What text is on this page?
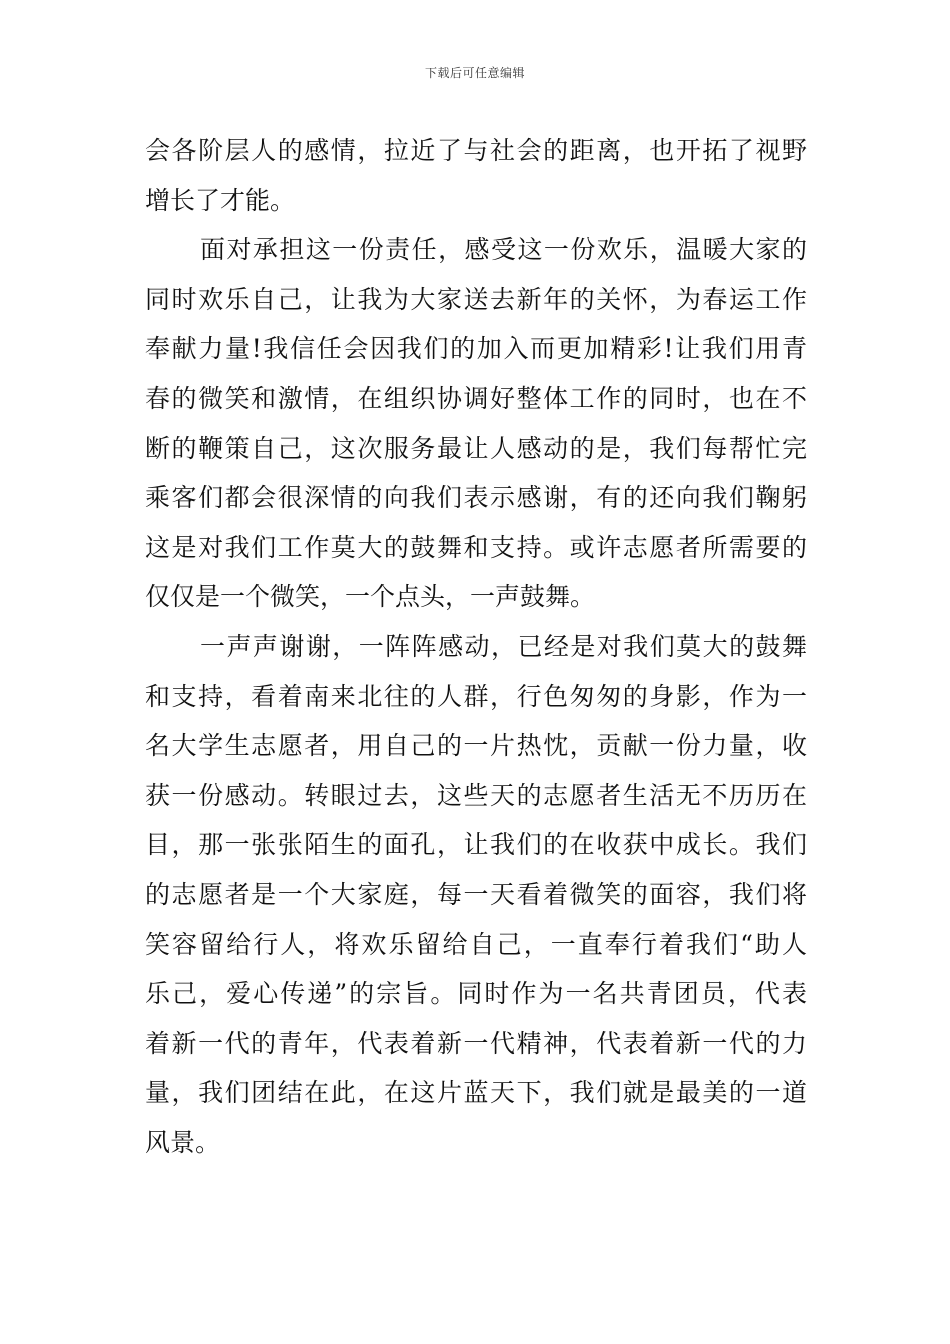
下载后可任意编辑
会各阶层人的感情，拉近了与社会的距离，也开拓了视野
增长了才能。
面对承担这一份责任，感受这一份欢乐，温暖大家的
同时欢乐自己，让我为大家送去新年的关怀，为春运工作
奉献力量!我信任会因我们的加入而更加精彩!让我们用青
春的微笑和激情，在组织协调好整体工作的同时，也在不
断的鞭策自己，这次服务最让人感动的是，我们每帮忙完
乘客们都会很深情的向我们表示感谢，有的还向我们鞠躬
这是对我们工作莫大的鼓舞和支持。或许志愿者所需要的
仅仅是一个微笑，一个点头，一声鼓舞。
一声声谢谢，一阵阵感动，已经是对我们莫大的鼓舞
和支持，看着南来北往的人群，行色匆匆的身影，作为一
名大学生志愿者，用自己的一片热忱，贡献一份力量，收
获一份感动。转眼过去，这些天的志愿者生活无不历历在
目，那一张张陌生的面孔，让我们的在收获中成长。我们
的志愿者是一个大家庭，每一天看着微笑的面容，我们将
笑容留给行人，将欢乐留给自己，一直奉行着我们“助人
乐己，爱心传递”的宗旨。同时作为一名共青团员，代表
着新一代的青年，代表着新一代精神，代表着新一代的力
量，我们团结在此，在这片蓝天下，我们就是最美的一道
风景。
